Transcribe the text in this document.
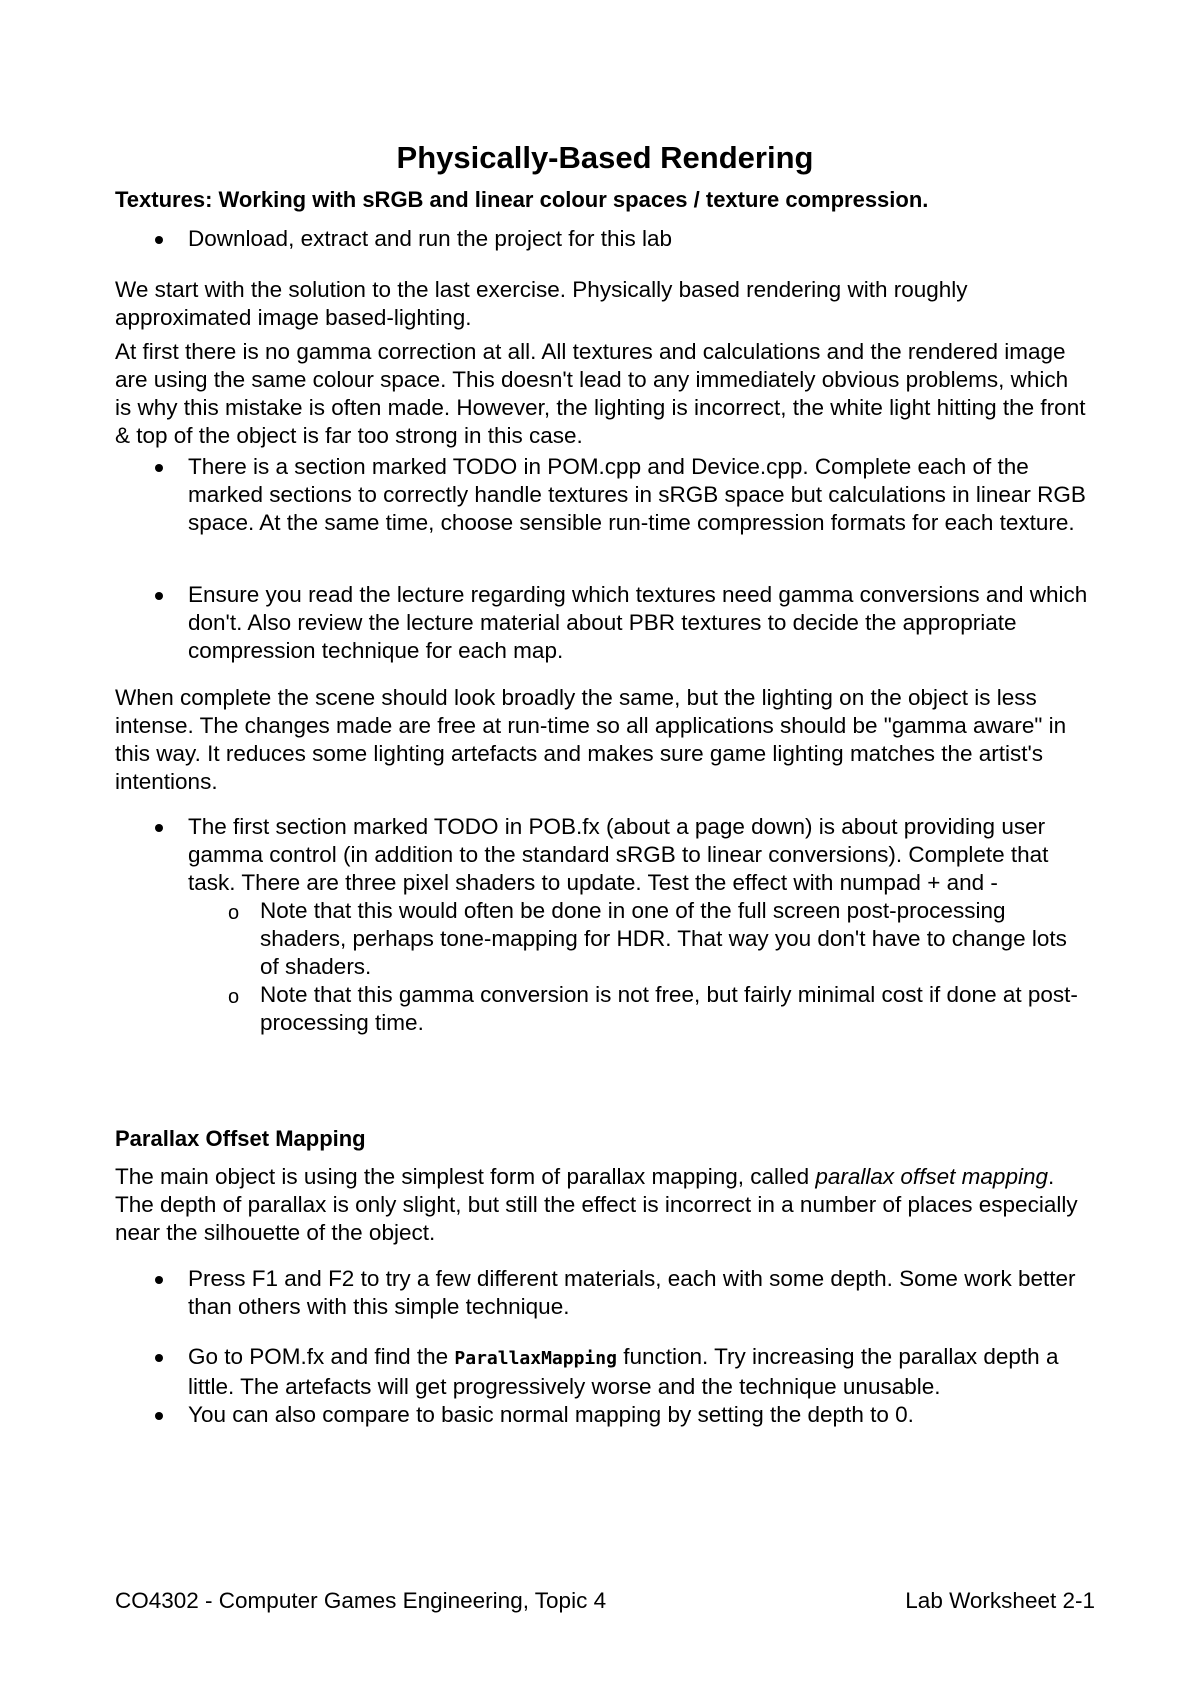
Physically-Based Rendering
Textures: Working with sRGB and linear colour spaces / texture compression.
Download, extract and run the project for this lab

We start with the solution to the last exercise. Physically based rendering with roughly approximated image based-lighting.

At first there is no gamma correction at all. All textures and calculations and the rendered image are using the same colour space. This doesn't lead to any immediately obvious problems, which is why this mistake is often made. However, the lighting is incorrect, the white light hitting the front & top of the object is far too strong in this case.

There is a section marked TODO in POM.cpp and Device.cpp. Complete each of the marked sections to correctly handle textures in sRGB space but calculations in linear RGB space. At the same time, choose sensible run-time compression formats for each texture.
Ensure you read the lecture regarding which textures need gamma conversions and which don't. Also review the lecture material about PBR textures to decide the appropriate compression technique for each map.

When complete the scene should look broadly the same, but the lighting on the object is less intense. The changes made are free at run-time so all applications should be "gamma aware" in this way. It reduces some lighting artefacts and makes sure game lighting matches the artist's intentions.

The first section marked TODO in POB.fx (about a page down) is about providing user gamma control (in addition to the standard sRGB to linear conversions). Complete that task. There are three pixel shaders to update. Test the effect with numpad + and -
o Note that this would often be done in one of the full screen post-processing shaders, perhaps tone-mapping for HDR. That way you don't have to change lots of shaders.
o Note that this gamma conversion is not free, but fairly minimal cost if done at post-processing time.
Parallax Offset Mapping

The main object is using the simplest form of parallax mapping, called parallax offset mapping. The depth of parallax is only slight, but still the effect is incorrect in a number of places especially near the silhouette of the object.

Press F1 and F2 to try a few different materials, each with some depth. Some work better than others with this simple technique.
Go to POM.fx and find the ParallaxMapping function. Try increasing the parallax depth a little. The artefacts will get progressively worse and the technique unusable.
You can also compare to basic normal mapping by setting the depth to 0.
CO4302 - Computer Games Engineering, Topic 4	Lab Worksheet 2-1
